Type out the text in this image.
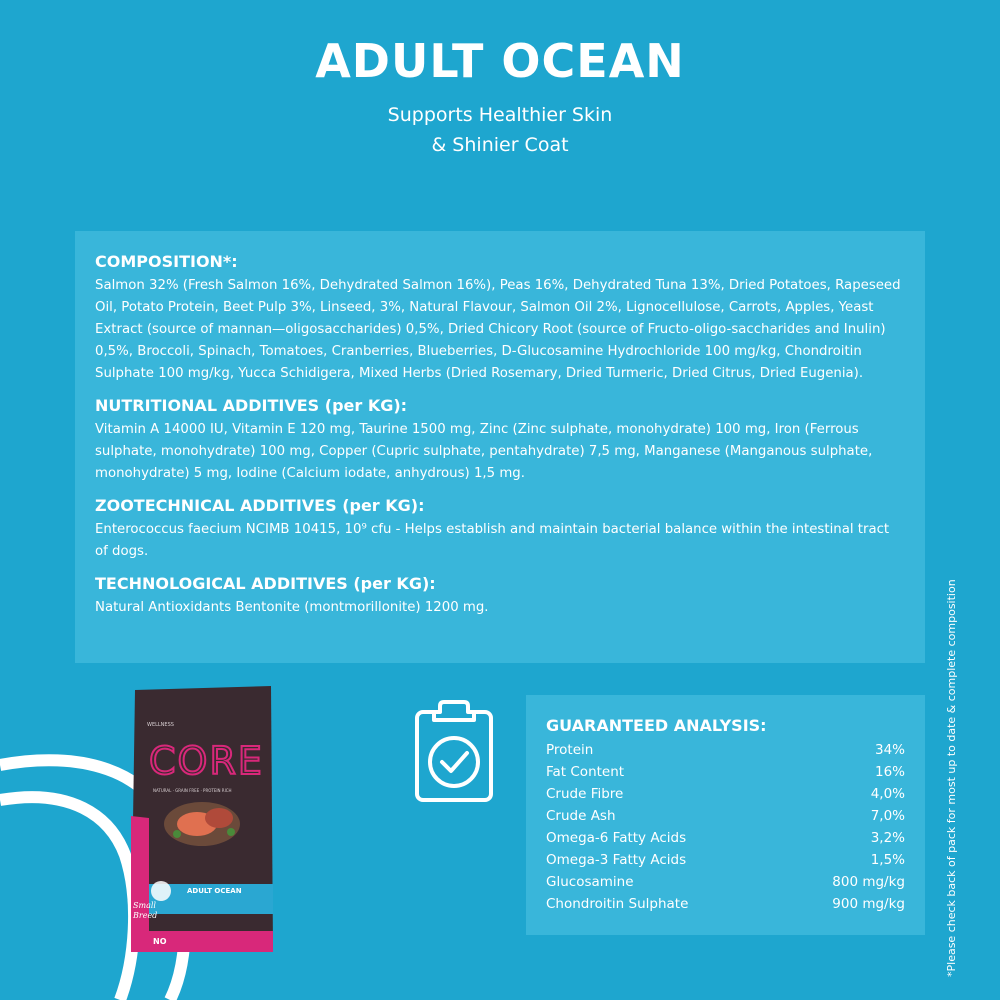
ADULT OCEAN
Supports Healthier Skin
& Shinier Coat
COMPOSITION*:
Salmon 32% (Fresh Salmon 16%, Dehydrated Salmon 16%), Peas 16%, Dehydrated Tuna 13%, Dried Potatoes, Rapeseed Oil, Potato Protein, Beet Pulp 3%, Linseed, 3%, Natural Flavour, Salmon Oil 2%, Lignocellulose, Carrots, Apples, Yeast Extract (source of mannan—oligosaccharides) 0,5%, Dried Chicory Root (source of Fructo-oligo-saccharides and Inulin) 0,5%, Broccoli, Spinach, Tomatoes, Cranberries, Blueberries, D-Glucosamine Hydrochloride 100 mg/kg, Chondroitin Sulphate 100 mg/kg, Yucca Schidigera, Mixed Herbs (Dried Rosemary, Dried Turmeric, Dried Citrus, Dried Eugenia).
NUTRITIONAL ADDITIVES (per KG):
Vitamin A 14000 IU, Vitamin E 120 mg, Taurine 1500 mg, Zinc (Zinc sulphate, monohydrate) 100 mg, Iron (Ferrous sulphate, monohydrate) 100 mg, Copper (Cupric sulphate, pentahydrate) 7,5 mg, Manganese (Manganous sulphate, monohydrate) 5 mg, Iodine (Calcium iodate, anhydrous) 1,5 mg.
ZOOTECHNICAL ADDITIVES (per KG):
Enterococcus faecium NCIMB 10415, 10⁹ cfu - Helps establish and maintain bacterial balance within the intestinal tract of dogs.
TECHNOLOGICAL ADDITIVES (per KG):
Natural Antioxidants Bentonite (montmorillonite) 1200 mg.
WELLNESS
CORE
NATURAL · GRAIN FREE · PROTEIN RICH
ADULT OCEAN
Small
Breed
NO
GUARANTEED ANALYSIS:
Protein	34%
Fat Content	16%
Crude Fibre	4,0%
Crude Ash	7,0%
Omega-6 Fatty Acids	3,2%
Omega-3 Fatty Acids	1,5%
Glucosamine	800 mg/kg
Chondroitin Sulphate	900 mg/kg	*Please check back of pack for most up to date & complete composition
